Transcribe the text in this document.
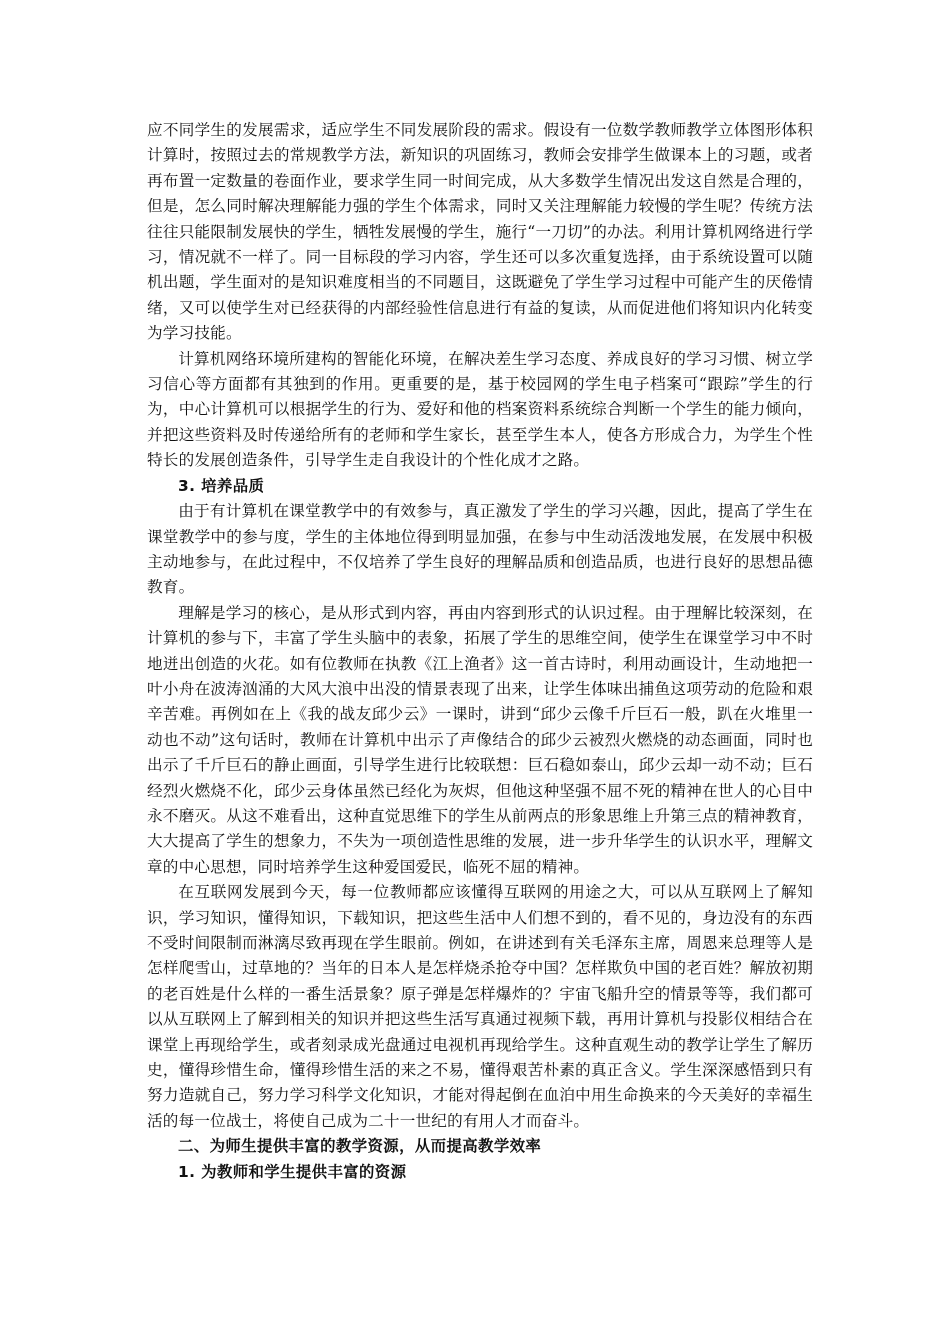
应不同学生的发展需求，适应学生不同发展阶段的需求。假设有一位数学教师教学立体图形体积计算时，按照过去的常规教学方法，新知识的巩固练习，教师会安排学生做课本上的习题，或者再布置一定数量的卷面作业，要求学生同一时间完成，从大多数学生情况出发这自然是合理的，但是，怎么同时解决理解能力强的学生个体需求，同时又关注理解能力较慢的学生呢？传统方法往往只能限制发展快的学生，牺牲发展慢的学生，施行“一刀切”的办法。利用计算机网络进行学习，情况就不一样了。同一目标段的学习内容，学生还可以多次重复选择，由于系统设置可以随机出题，学生面对的是知识难度相当的不同题目，这既避免了学生学习过程中可能产生的厌倦情绪，又可以使学生对已经获得的内部经验性信息进行有益的复读，从而促进他们将知识内化转变为学习技能。

计算机网络环境所建构的智能化环境，在解决差生学习态度、养成良好的学习习惯、树立学习信心等方面都有其独到的作用。更重要的是，基于校园网的学生电子档案可“跟踪”学生的行为，中心计算机可以根据学生的行为、爱好和他的档案资料系统综合判断一个学生的能力倾向，并把这些资料及时传递给所有的老师和学生家长，甚至学生本人，使各方形成合力，为学生个性特长的发展创造条件，引导学生走自我设计的个性化成才之路。

3. 培养品质

由于有计算机在课堂教学中的有效参与，真正激发了学生的学习兴趣，因此，提高了学生在课堂教学中的参与度，学生的主体地位得到明显加强，在参与中生动活泼地发展，在发展中积极主动地参与，在此过程中，不仅培养了学生良好的理解品质和创造品质，也进行良好的思想品德教育。

理解是学习的核心，是从形式到内容，再由内容到形式的认识过程。由于理解比较深刻，在计算机的参与下，丰富了学生头脑中的表象，拓展了学生的思维空间，使学生在课堂学习中不时地迸出创造的火花。如有位教师在执教《江上渔者》这一首古诗时，利用动画设计，生动地把一叶小舟在波涛汹涌的大风大浪中出没的情景表现了出来，让学生体味出捕鱼这项劳动的危险和艰辛苦难。再例如在上《我的战友邱少云》一课时，讲到“邱少云像千斤巨石一般，趴在火堆里一动也不动”这句话时，教师在计算机中出示了声像结合的邱少云被烈火燃烧的动态画面，同时也出示了千斤巨石的静止画面，引导学生进行比较联想：巨石稳如泰山，邱少云却一动不动；巨石经烈火燃烧不化，邱少云身体虽然已经化为灰烬，但他这种坚强不屈不死的精神在世人的心目中永不磨灭。从这不难看出，这种直觉思维下的学生从前两点的形象思维上升第三点的精神教育，大大提高了学生的想象力，不失为一项创造性思维的发展，进一步升华学生的认识水平，理解文章的中心思想，同时培养学生这种爱国爱民，临死不屈的精神。

在互联网发展到今天，每一位教师都应该懂得互联网的用途之大，可以从互联网上了解知识，学习知识，懂得知识，下载知识，把这些生活中人们想不到的，看不见的，身边没有的东西不受时间限制而淋漓尽致再现在学生眼前。例如，在讲述到有关毛泽东主席，周恩来总理等人是怎样爬雪山，过草地的？当年的日本人是怎样烧杀抢夺中国？怎样欺负中国的老百姓？解放初期的老百姓是什么样的一番生活景象？原子弹是怎样爆炸的？宇宙飞船升空的情景等等，我们都可以从互联网上了解到相关的知识并把这些生活写真通过视频下载，再用计算机与投影仪相结合在课堂上再现给学生，或者刻录成光盘通过电视机再现给学生。这种直观生动的教学让学生了解历史，懂得珍惜生命，懂得珍惜生活的来之不易，懂得艰苦朴素的真正含义。学生深深感悟到只有努力造就自己，努力学习科学文化知识，才能对得起倒在血泊中用生命换来的今天美好的幸福生活的每一位战士，将使自己成为二十一世纪的有用人才而奋斗。

二、为师生提供丰富的教学资源，从而提高教学效率

1. 为教师和学生提供丰富的资源
